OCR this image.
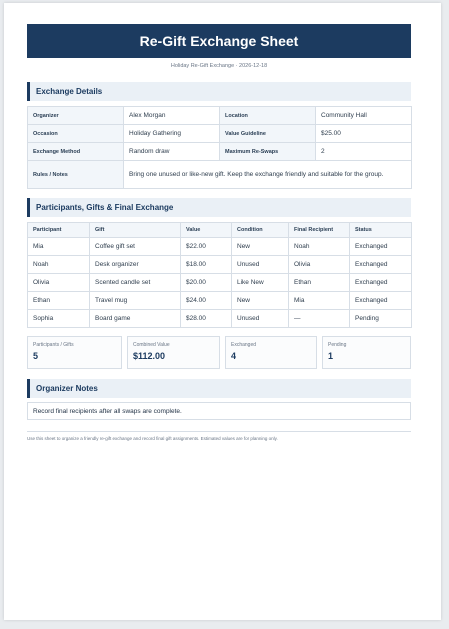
Re-Gift Exchange Sheet
Holiday Re-Gift Exchange · 2026-12-18
Exchange Details
Organizer	Alex Morgan	Location	Community Hall
Occasion	Holiday Gathering	Value Guideline	$25.00
Exchange Method	Random draw	Maximum Re-Swaps	2
Rules / Notes	Bring one unused or like-new gift. Keep the exchange friendly and suitable for the group.		
Participants, Gifts & Final Exchange
Participant	Gift	Value	Condition	Final Recipient	Status
Mia	Coffee gift set	$22.00	New	Noah	Exchanged
Noah	Desk organizer	$18.00	Unused	Olivia	Exchanged
Olivia	Scented candle set	$20.00	Like New	Ethan	Exchanged
Ethan	Travel mug	$24.00	New	Mia	Exchanged
Sophia	Board game	$28.00	Unused	—	Pending
Participants / Gifts
5
Combined Value
$112.00
Exchanged
4
Pending
1
Organizer Notes
Record final recipients after all swaps are complete.
Use this sheet to organize a friendly re-gift exchange and record final gift assignments. Estimated values are for planning only.
